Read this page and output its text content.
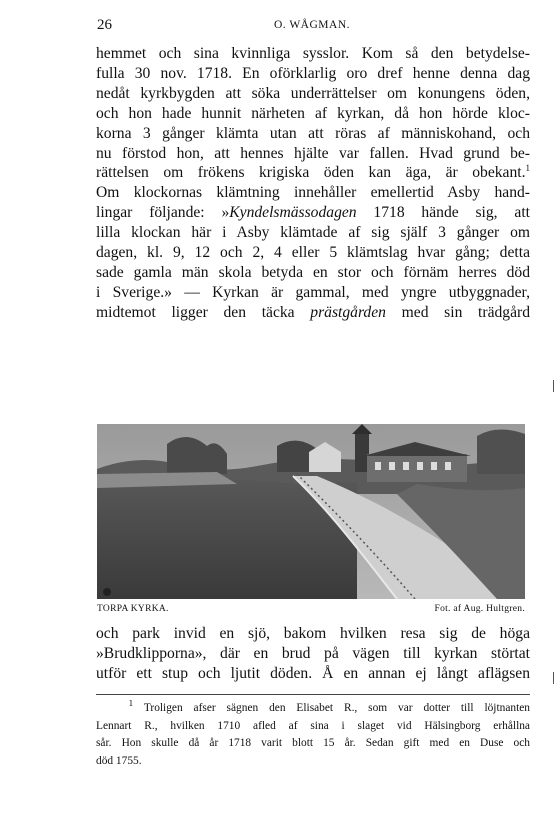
26	O. WÅGMAN.
hemmet och sina kvinnliga sysslor. Kom så den betydelse-
fulla 30 nov. 1718. En oförklarlig oro dref henne denna dag
nedåt kyrkbygden att söka underrättelser om konungens öden,
och hon hade hunnit närheten af kyrkan, då hon hörde kloc-
korna 3 gånger klämta utan att röras af människohand, och
nu förstod hon, att hennes hjälte var fallen. Hvad grund be-
rättelsen om frökens krigiska öden kan äga, är obekant.$^1$
Om klockornas klämtning innehåller emellertid Asby hand-
lingar följande: »Kyndelsmässodagen 1718 hände sig, att
lilla klockan här i Asby klämtade af sig själf 3 gånger om
dagen, kl. 9, 12 och 2, 4 eller 5 klämtslag hvar gång; detta
sade gamla män skola betyda en stor och förnäm herres död
i Sverige.» — Kyrkan är gammal, med yngre utbyggnader,
midtemot ligger den täcka prästgården med sin trädgård
TORPA KYRKA.	Fot. af Aug. Hultgren.
och park invid en sjö, bakom hvilken resa sig de höga
»Brudklipporna», där en brud på vägen till kyrkan störtat
utför ett stup och ljutit döden. Å en annan ej långt aflägsen
$^1$ Troligen afser sägnen den Elisabet R., som var dotter till löjtnanten
Lennart R., hvilken 1710 afled af sina i slaget vid Hälsingborg erhållna
sår. Hon skulle då år 1718 varit blott 15 år. Sedan gift med en Duse och
död 1755.
